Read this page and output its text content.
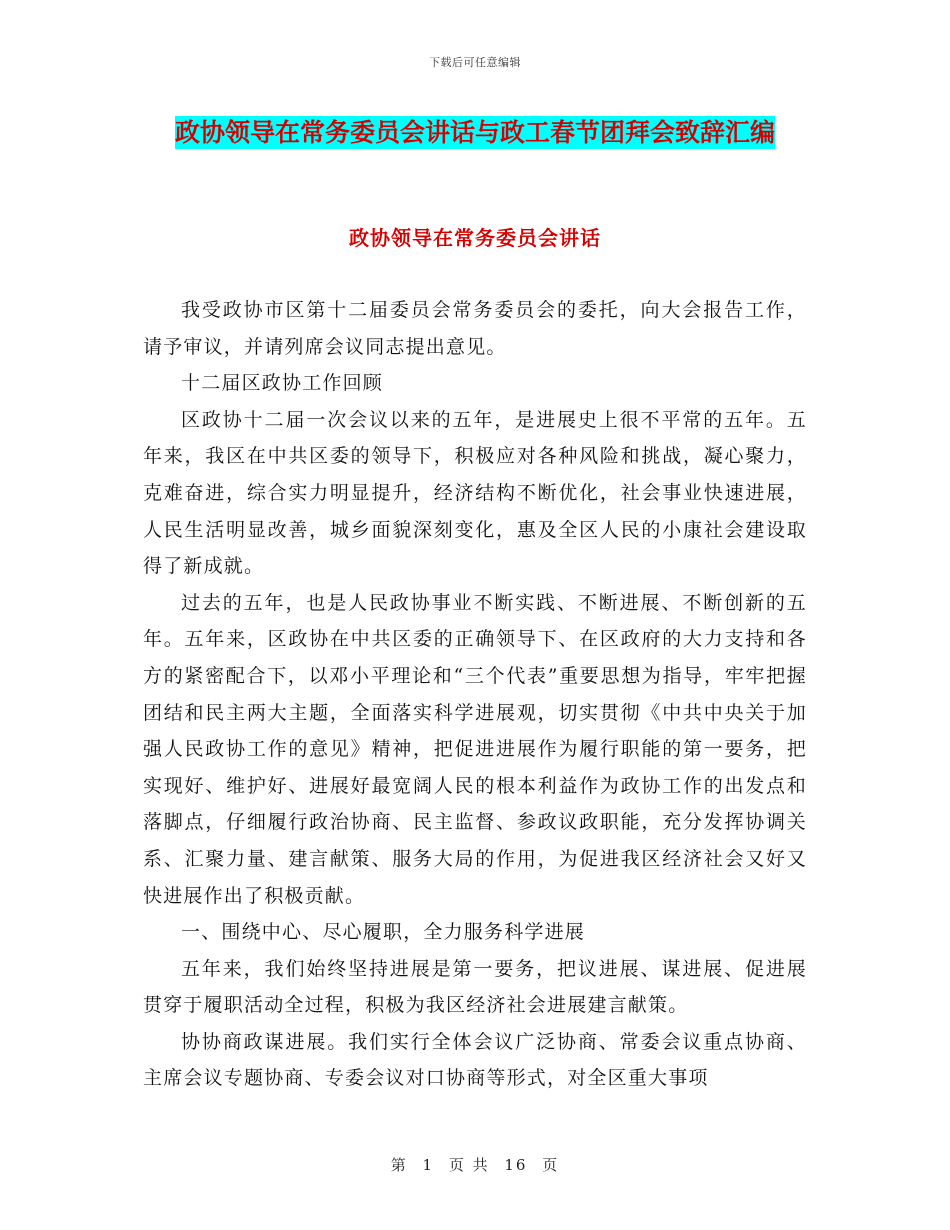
下载后可任意编辑
政协领导在常务委员会讲话与政工春节团拜会致辞汇编
政协领导在常务委员会讲话

我受政协市区第十二届委员会常务委员会的委托，向大会报告工作，请予审议，并请列席会议同志提出意见。

十二届区政协工作回顾

区政协十二届一次会议以来的五年，是进展史上很不平常的五年。五年来，我区在中共区委的领导下，积极应对各种风险和挑战，凝心聚力，克难奋进，综合实力明显提升，经济结构不断优化，社会事业快速进展，人民生活明显改善，城乡面貌深刻变化，惠及全区人民的小康社会建设取得了新成就。

过去的五年，也是人民政协事业不断实践、不断进展、不断创新的五年。五年来，区政协在中共区委的正确领导下、在区政府的大力支持和各方的紧密配合下，以邓小平理论和“三个代表”重要思想为指导，牢牢把握团结和民主两大主题，全面落实科学进展观，切实贯彻《中共中央关于加强人民政协工作的意见》精神，把促进进展作为履行职能的第一要务，把实现好、维护好、进展好最宽阔人民的根本利益作为政协工作的出发点和落脚点，仔细履行政治协商、民主监督、参政议政职能，充分发挥协调关系、汇聚力量、建言献策、服务大局的作用，为促进我区经济社会又好又快进展作出了积极贡献。

一、围绕中心、尽心履职，全力服务科学进展

五年来，我们始终坚持进展是第一要务，把议进展、谋进展、促进展贯穿于履职活动全过程，积极为我区经济社会进展建言献策。

协协商政谋进展。我们实行全体会议广泛协商、常委会议重点协商、主席会议专题协商、专委会议对口协商等形式，对全区重大事项

第 1 页 共 16 页
